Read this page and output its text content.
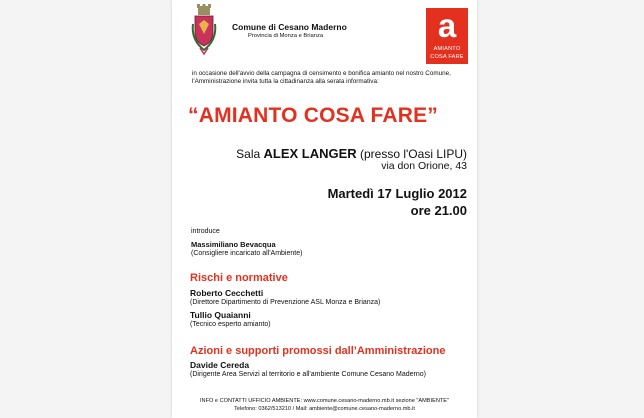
Comune di Cesano Maderno
Provincia di Monza e Brianza	a
AMIANTO
COSA FARE
in occasione dell'avvio della campagna di censimento e bonifica amianto nel nostro Comune, l'Amministrazione invita tutta la cittadinanza alla serata informativa:
“AMIANTO COSA FARE”
Sala ALEX LANGER (presso l'Oasi LIPU)
via don Orione, 43
Martedì 17 Luglio 2012
ore 21.00
introduce
Massimiliano Bevacqua
(Consigliere incaricato all'Ambiente)
Rischi e normative
Roberto Cecchetti
(Direttore Dipartimento di Prevenzione ASL Monza e Brianza)
Tullio Quaianni
(Tecnico esperto amianto)
Azioni e supporti promossi dall’Amministrazione
Davide Cereda
(Dirigente Area Servizi al territorio e all'ambiente Comune Cesano Maderno)
INFO e CONTATTI UFFICIO AMBIENTE: www.comune.cesano-maderno.mb.it sezione "AMBIENTE"
Telefono: 0362/513210 / Mail: ambiente@comune.cesano-maderno.mb.it
